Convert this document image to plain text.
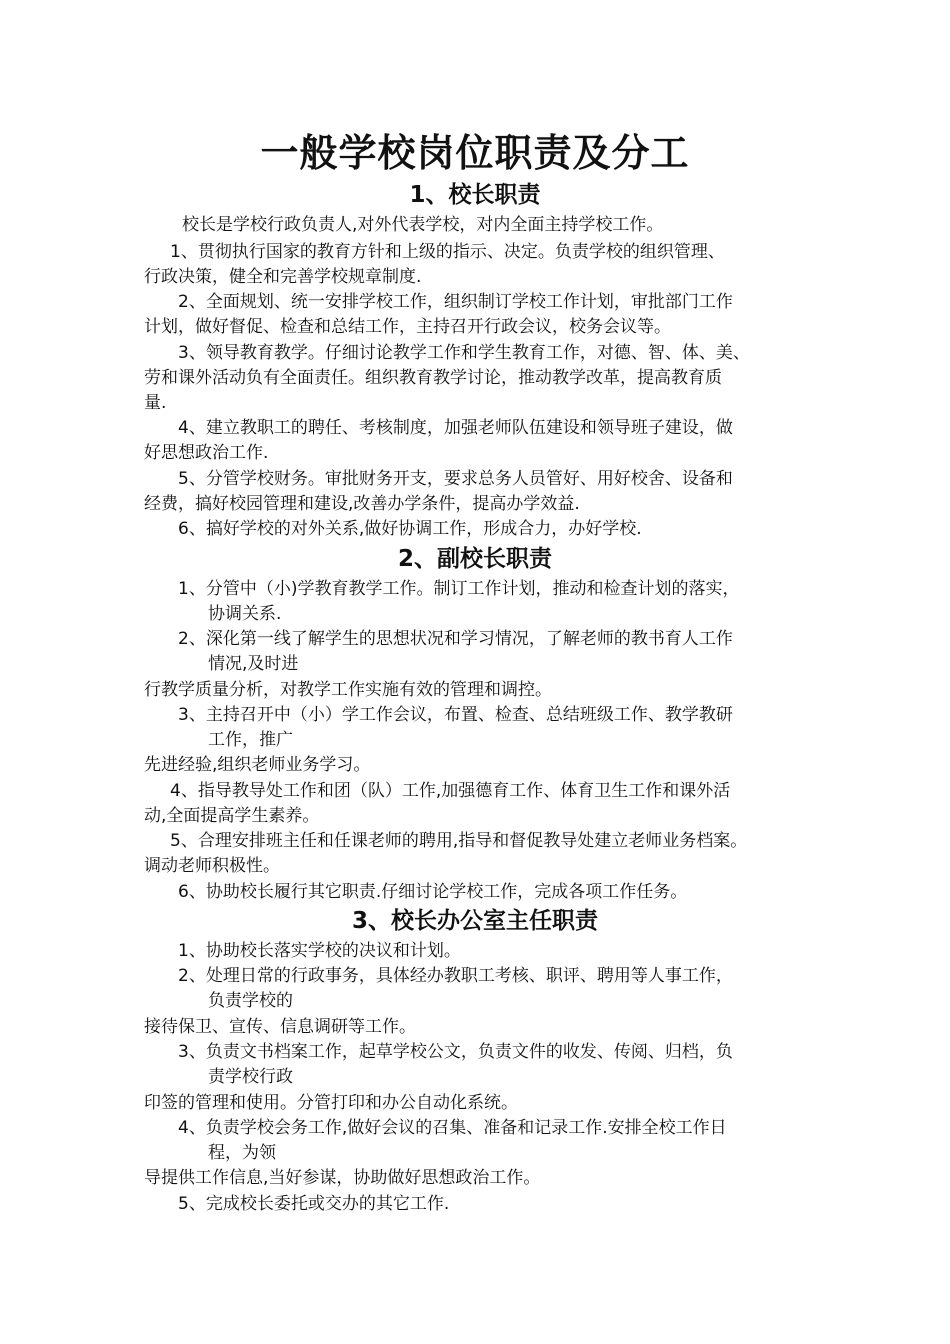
一般学校岗位职责及分工
1、校长职责
校长是学校行政负责人,对外代表学校，对内全面主持学校工作。
1、贯彻执行国家的教育方针和上级的指示、决定。负责学校的组织管理、
行政决策，健全和完善学校规章制度.
2、全面规划、统一安排学校工作，组织制订学校工作计划，审批部门工作
计划，做好督促、检查和总结工作，主持召开行政会议，校务会议等。
3、领导教育教学。仔细讨论教学工作和学生教育工作，对德、智、体、美、
劳和课外活动负有全面责任。组织教育教学讨论，推动教学改革，提高教育质
量.
4、建立教职工的聘任、考核制度，加强老师队伍建设和领导班子建设，做
好思想政治工作.
5、分管学校财务。审批财务开支，要求总务人员管好、用好校舍、设备和
经费，搞好校园管理和建设,改善办学条件，提高办学效益.
6、搞好学校的对外关系,做好协调工作，形成合力，办好学校.
2、副校长职责
1、分管中（小)学教育教学工作。制订工作计划，推动和检查计划的落实，
协调关系.
2、深化第一线了解学生的思想状况和学习情况，了解老师的教书育人工作
情况,及时进
行教学质量分析，对教学工作实施有效的管理和调控。
3、主持召开中（小）学工作会议，布置、检查、总结班级工作、教学教研
工作，推广
先进经验,组织老师业务学习。
4、指导教导处工作和团（队）工作,加强德育工作、体育卫生工作和课外活
动,全面提高学生素养。
5、合理安排班主任和任课老师的聘用,指导和督促教导处建立老师业务档案。
调动老师积极性。
6、协助校长履行其它职责.仔细讨论学校工作，完成各项工作任务。
3、校长办公室主任职责
1、协助校长落实学校的决议和计划。
2、处理日常的行政事务，具体经办教职工考核、职评、聘用等人事工作，
负责学校的
接待保卫、宣传、信息调研等工作。
3、负责文书档案工作，起草学校公文，负责文件的收发、传阅、归档，负
责学校行政
印签的管理和使用。分管打印和办公自动化系统。
4、负责学校会务工作,做好会议的召集、准备和记录工作.安排全校工作日
程，为领
导提供工作信息,当好参谋，协助做好思想政治工作。
5、完成校长委托或交办的其它工作.
